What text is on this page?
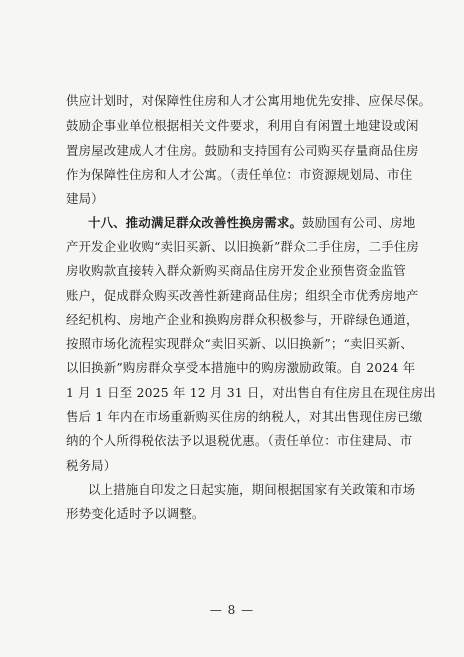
供应计划时，对保障性住房和人才公寓用地优先安排、应保尽保。
鼓励企事业单位根据相关文件要求，利用自有闲置土地建设或闲
置房屋改建成人才住房。鼓励和支持国有公司购买存量商品住房
作为保障性住房和人才公寓。（责任单位：市资源规划局、市住
建局）
十八、推动满足群众改善性换房需求。鼓励国有公司、房地
产开发企业收购“卖旧买新、以旧换新”群众二手住房，二手住房
房收购款直接转入群众新购买商品住房开发企业预售资金监管
账户，促成群众购买改善性新建商品住房；组织全市优秀房地产
经纪机构、房地产企业和换购房群众积极参与，开辟绿色通道，
按照市场化流程实现群众“卖旧买新、以旧换新”；“卖旧买新、
以旧换新”购房群众享受本措施中的购房激励政策。自 2024 年
1 月 1 日至 2025 年 12 月 31 日，对出售自有住房且在现住房出
售后 1 年内在市场重新购买住房的纳税人，对其出售现住房已缴
纳的个人所得税依法予以退税优惠。（责任单位：市住建局、市
税务局）
以上措施自印发之日起实施，期间根据国家有关政策和市场
形势变化适时予以调整。
— 8 —
